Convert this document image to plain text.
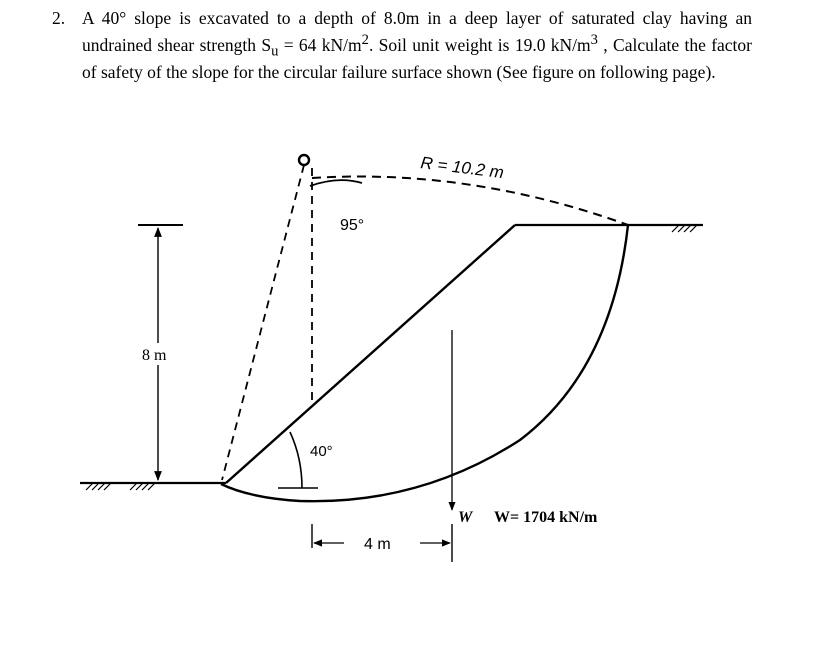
2. A 40° slope is excavated to a depth of 8.0m in a deep layer of saturated clay having an undrained shear strength $S_u = 64$ $kN/m^2$. Soil unit weight is 19.0 $kN/m^3$ , Calculate the factor of safety of the slope for the circular failure surface shown (See figure on following page).
95°
40°
R = 10.2 m
8 m
W W= 1704 kN/m
4 m
